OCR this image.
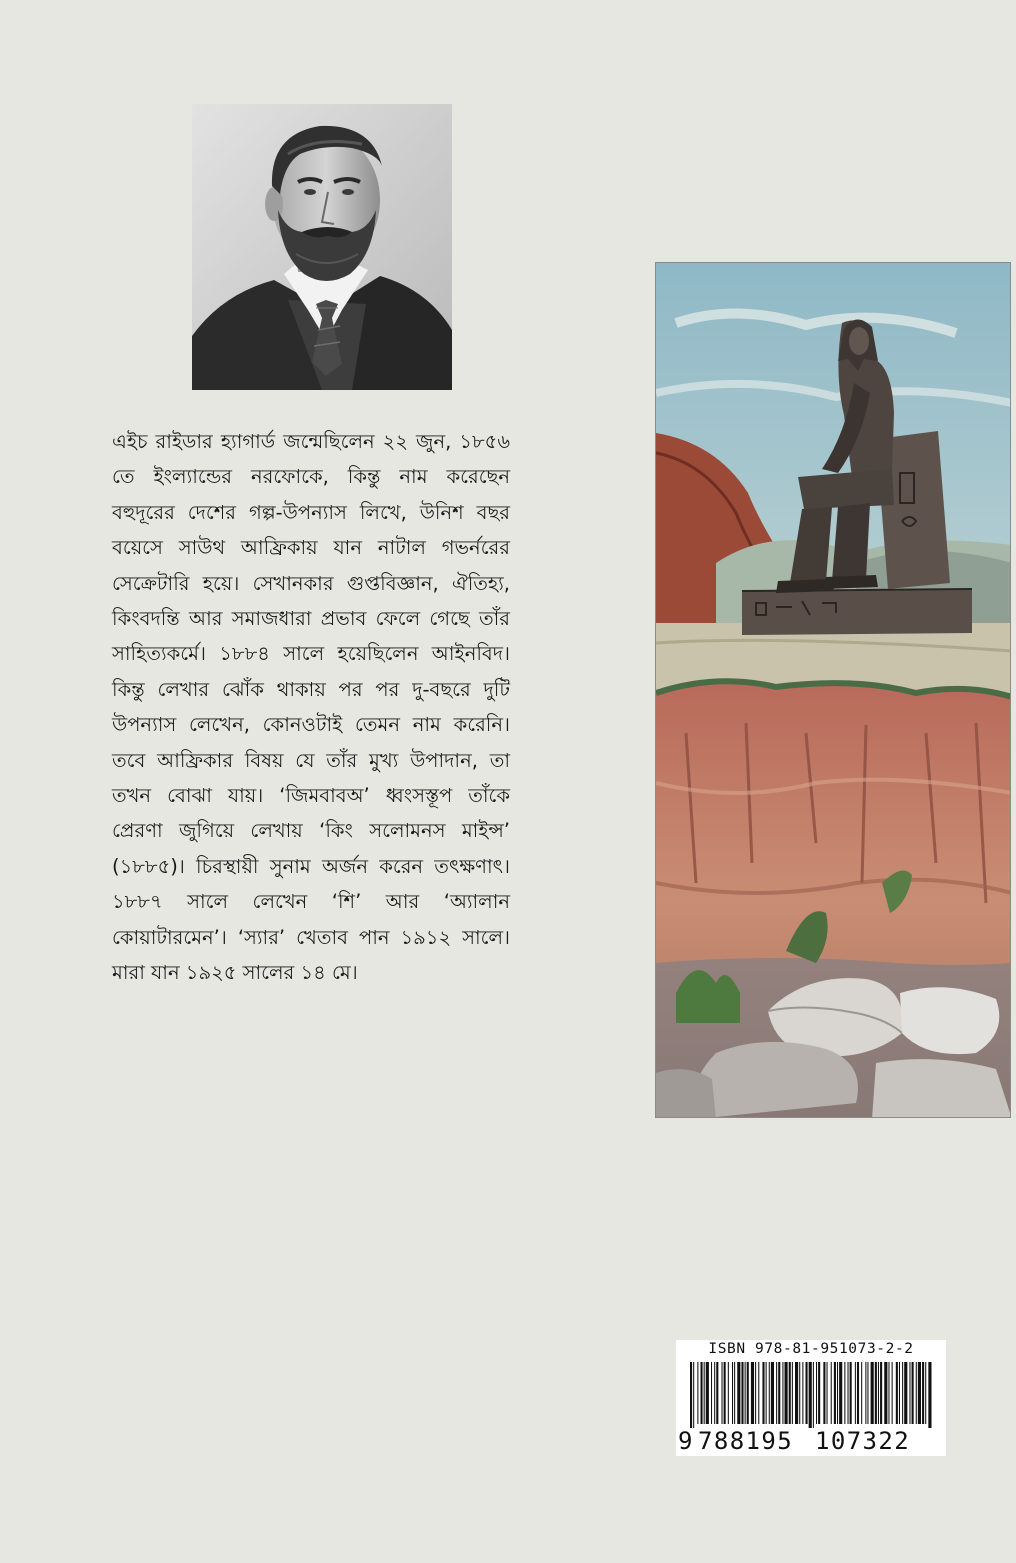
এইচ রাইডার হ্যাগার্ড জন্মেছিলেন ২২ জুন, ১৮৫৬ তে ইংল্যান্ডের নরফোকে, কিন্তু নাম করেছেন বহুদূরের দেশের গল্প-উপন্যাস লিখে, উনিশ বছর বয়েসে সাউথ আফ্রিকায় যান নাটাল গভর্নরের সেক্রেটারি হয়ে। সেখানকার গুপ্তবিজ্ঞান, ঐতিহ্য, কিংবদন্তি আর সমাজধারা প্রভাব ফেলে গেছে তাঁর সাহিত্যকর্মে। ১৮৮৪ সালে হয়েছিলেন আইনবিদ। কিন্তু লেখার ঝোঁক থাকায় পর পর দু-বছরে দুটি উপন্যাস লেখেন, কোনওটাই তেমন নাম করেনি। তবে আফ্রিকার বিষয় যে তাঁর মুখ্য উপাদান, তা তখন বোঝা যায়। ‘জিমবাবঅ’ ধ্বংসস্তূপ তাঁকে প্রেরণা জুগিয়ে লেখায় ‘কিং সলোমনস মাইন্স’ (১৮৮৫)। চিরস্থায়ী সুনাম অর্জন করেন তৎক্ষণাৎ। ১৮৮৭ সালে লেখেন ‘শি’ আর ‘অ্যালান কোয়াটারমেন’। ‘স্যার’ খেতাব পান ১৯১২ সালে। মারা যান ১৯২৫ সালের ১৪ মে।

ISBN 978-81-951073-2-2
9 788195 107322
